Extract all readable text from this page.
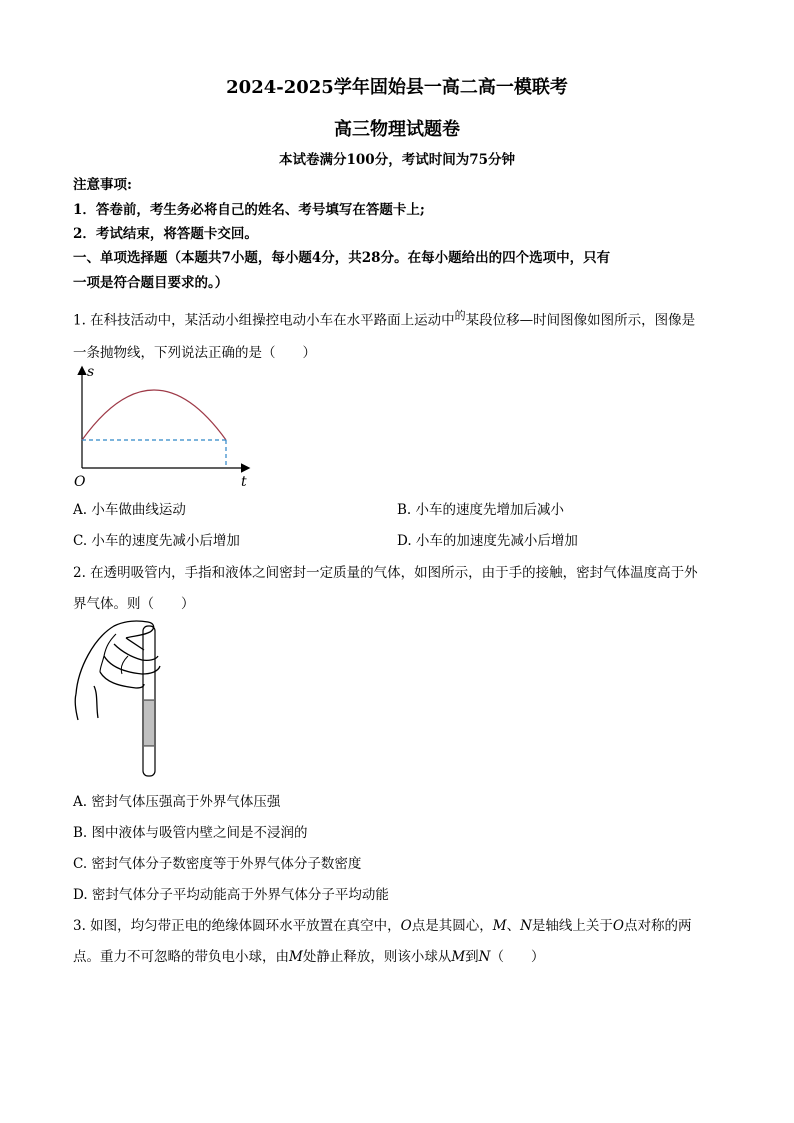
2024-2025学年固始县一高二高一模联考
高三物理试题卷
本试卷满分100分，考试时间为75分钟
注意事项:
1．答卷前，考生务必将自己的姓名、考号填写在答题卡上;
2．考试结束，将答题卡交回。
一、单项选择题（本题共7小题，每小题4分，共28分。在每小题给出的四个选项中，只有
一项是符合题目要求的。）
1. 在科技活动中，某活动小组操控电动小车在水平路面上运动中$^的$某段位移—时间图像如图所示，图像是
一条抛物线，下列说法正确的是（　　）
s
t
O
A. 小车做曲线运动	B. 小车的速度先增加后减小
C. 小车的速度先减小后增加	D. 小车的加速度先减小后增加
2. 在透明吸管内，手指和液体之间密封一定质量的气体，如图所示，由于手的接触，密封气体温度高于外
界气体。则（　　）
A. 密封气体压强高于外界气体压强
B. 图中液体与吸管内壁之间是不浸润的
C. 密封气体分子数密度等于外界气体分子数密度
D. 密封气体分子平均动能高于外界气体分子平均动能
3. 如图，均匀带正电的绝缘体圆环水平放置在真空中，O点是其圆心，M、N是轴线上关于O点对称的两
点。重力不可忽略的带负电小球，由M处静止释放，则该小球从M到N（　　）
